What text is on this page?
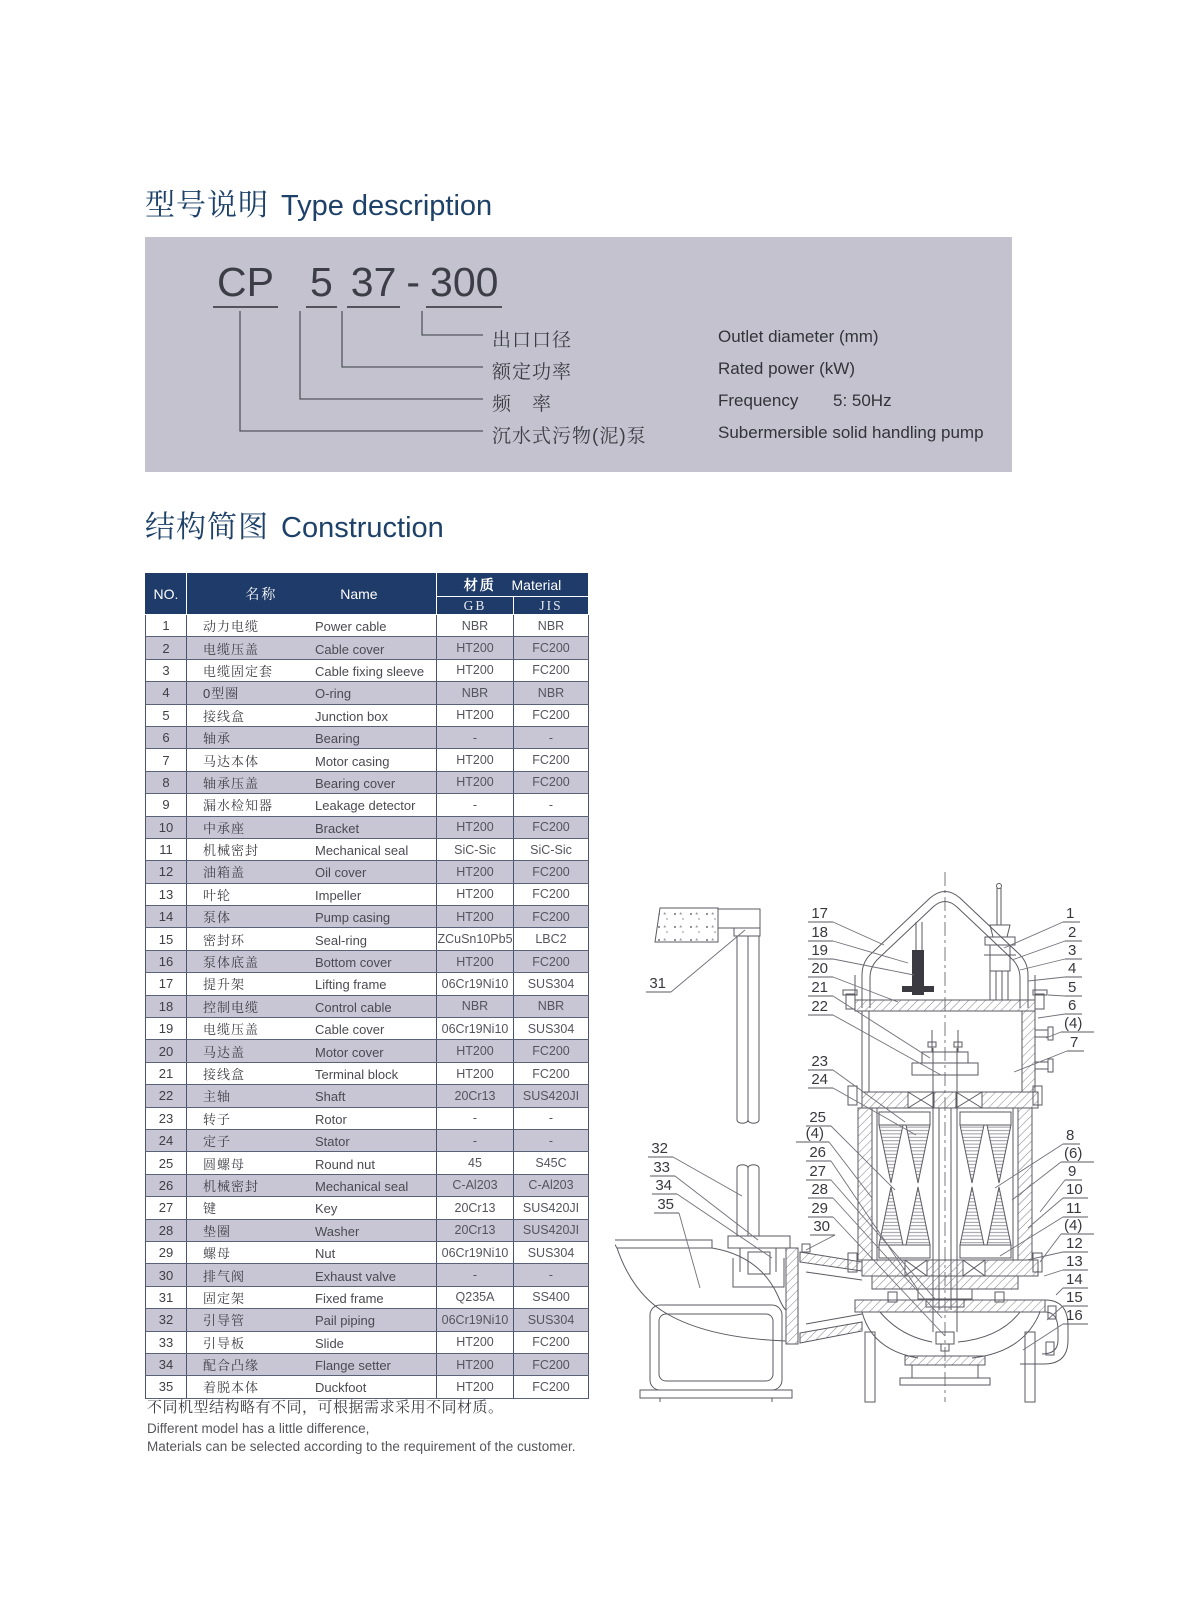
型号说明 Type description
CP 5 37 - 300
出口口径
额定功率
频　率
沉水式污物(泥)泵
Outlet diameter (mm)
Rated power (kW)
Frequency 5: 50Hz
Subermersible solid handling pump
结构简图 Construction
NO.	名称 Name	材质 Material	
		GB	JIS
1	动力电缆 Power cable	NBR	NBR
2	电缆压盖 Cable cover	HT200	FC200
3	电缆固定套 Cable fixing sleeve	HT200	FC200
4	0型圈 O-ring	NBR	NBR
5	接线盒 Junction box	HT200	FC200
6	轴承 Bearing	-	-
7	马达本体 Motor casing	HT200	FC200
8	轴承压盖 Bearing cover	HT200	FC200
9	漏水检知器 Leakage detector	-	-
10	中承座 Bracket	HT200	FC200
11	机械密封 Mechanical seal	SiC-Sic	SiC-Sic
12	油箱盖 Oil cover	HT200	FC200
13	叶轮 Impeller	HT200	FC200
14	泵体 Pump casing	HT200	FC200
15	密封环 Seal-ring	ZCuSn10Pb5	LBC2
16	泵体底盖 Bottom cover	HT200	FC200
17	提升架 Lifting frame	06Cr19Ni10	SUS304
18	控制电缆 Control cable	NBR	NBR
19	电缆压盖 Cable cover	06Cr19Ni10	SUS304
20	马达盖 Motor cover	HT200	FC200
21	接线盒 Terminal block	HT200	FC200
22	主轴 Shaft	20Cr13	SUS420JI
23	转子 Rotor	-	-
24	定子 Stator	-	-
25	圆螺母 Round nut	45	S45C
26	机械密封 Mechanical seal	C-Al203	C-Al203
27	键 Key	20Cr13	SUS420JI
28	垫圈 Washer	20Cr13	SUS420JI
29	螺母 Nut	06Cr19Ni10	SUS304
30	排气阀 Exhaust valve	-	-
31	固定架 Fixed frame	Q235A	SS400
32	引导管 Pail piping	06Cr19Ni10	SUS304
33	引导板 Slide	HT200	FC200
34	配合凸缘 Flange setter	HT200	FC200
35	着脱本体 Duckfoot	HT200	FC200
不同机型结构略有不同，可根据需求采用不同材质。
Different model has a little difference,
Materials can be selected according to the requirement of the customer.
1
2
3
4
5
6
(4)
7
8
(6)
9
10
11
(4)
12
13
14
15
16
17
18
19
20
21
22
23
24
25
(4)
26
27
28
29
30
31
32
33
34
35
